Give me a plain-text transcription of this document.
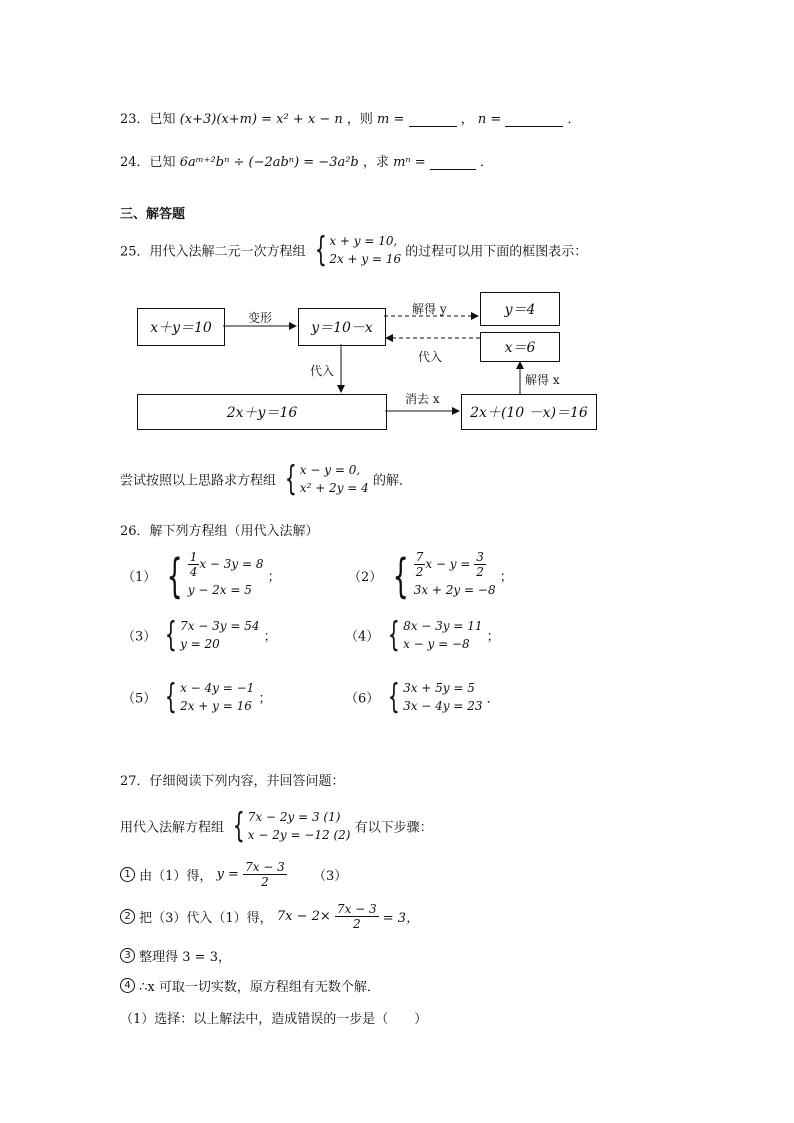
23．已知 (x+3)(x+m) = x² + x − n ，则 m =	， n =	．
24．已知 6aᵐ⁺²bⁿ ÷ (−2abⁿ) = −3a²b ，求 mⁿ =	．
三、解答题
25．用代入法解二元一次方程组 { x + y = 10,
2x + y = 16 的过程可以用下面的框图表示：
x＋y＝10	y＝10－x
y＝4
x＝6
2x＋y＝16	2x＋(10 －x)＝16
变形
解得 y
代入
代入
消去 x
解得 x
尝试按照以上思路求方程组 { x − y = 0,
x² + 2y = 4 的解．
26．解下列方程组（用代入法解）
（1） { $\frac{1}{4}$ x − 3y = 8
y − 2x = 5
；	（2） { $\frac{7}{2}$ $x - y = \frac{3}{2}$
3x + 2y = −8
；
（3） { 7x − 3y = 54
y = 20	；	（4） { 8x − 3y = 11
x − y = −8	；
（5） { x − 4y = −1
2x + y = 16 ；	（6） { 3x + 5y = 5
3x − 4y = 23 ．
27．仔细阅读下列内容，并回答问题：
用代入法解方程组 { 7x − 2y = 3 (1)
x − 2y = −12 (2) 有以下步骤：
1 由（1）得， $y = \frac{7x - 3}{2} (3)$
2 把（3）代入（1）得， $7x - 2\times \frac{7x - 3}{2} = 3$，
3 整理得 3 = 3，
4 ∴x 可取一切实数，原方程组有无数个解．
（1）选择：以上解法中，造成错误的一步是（　　）
